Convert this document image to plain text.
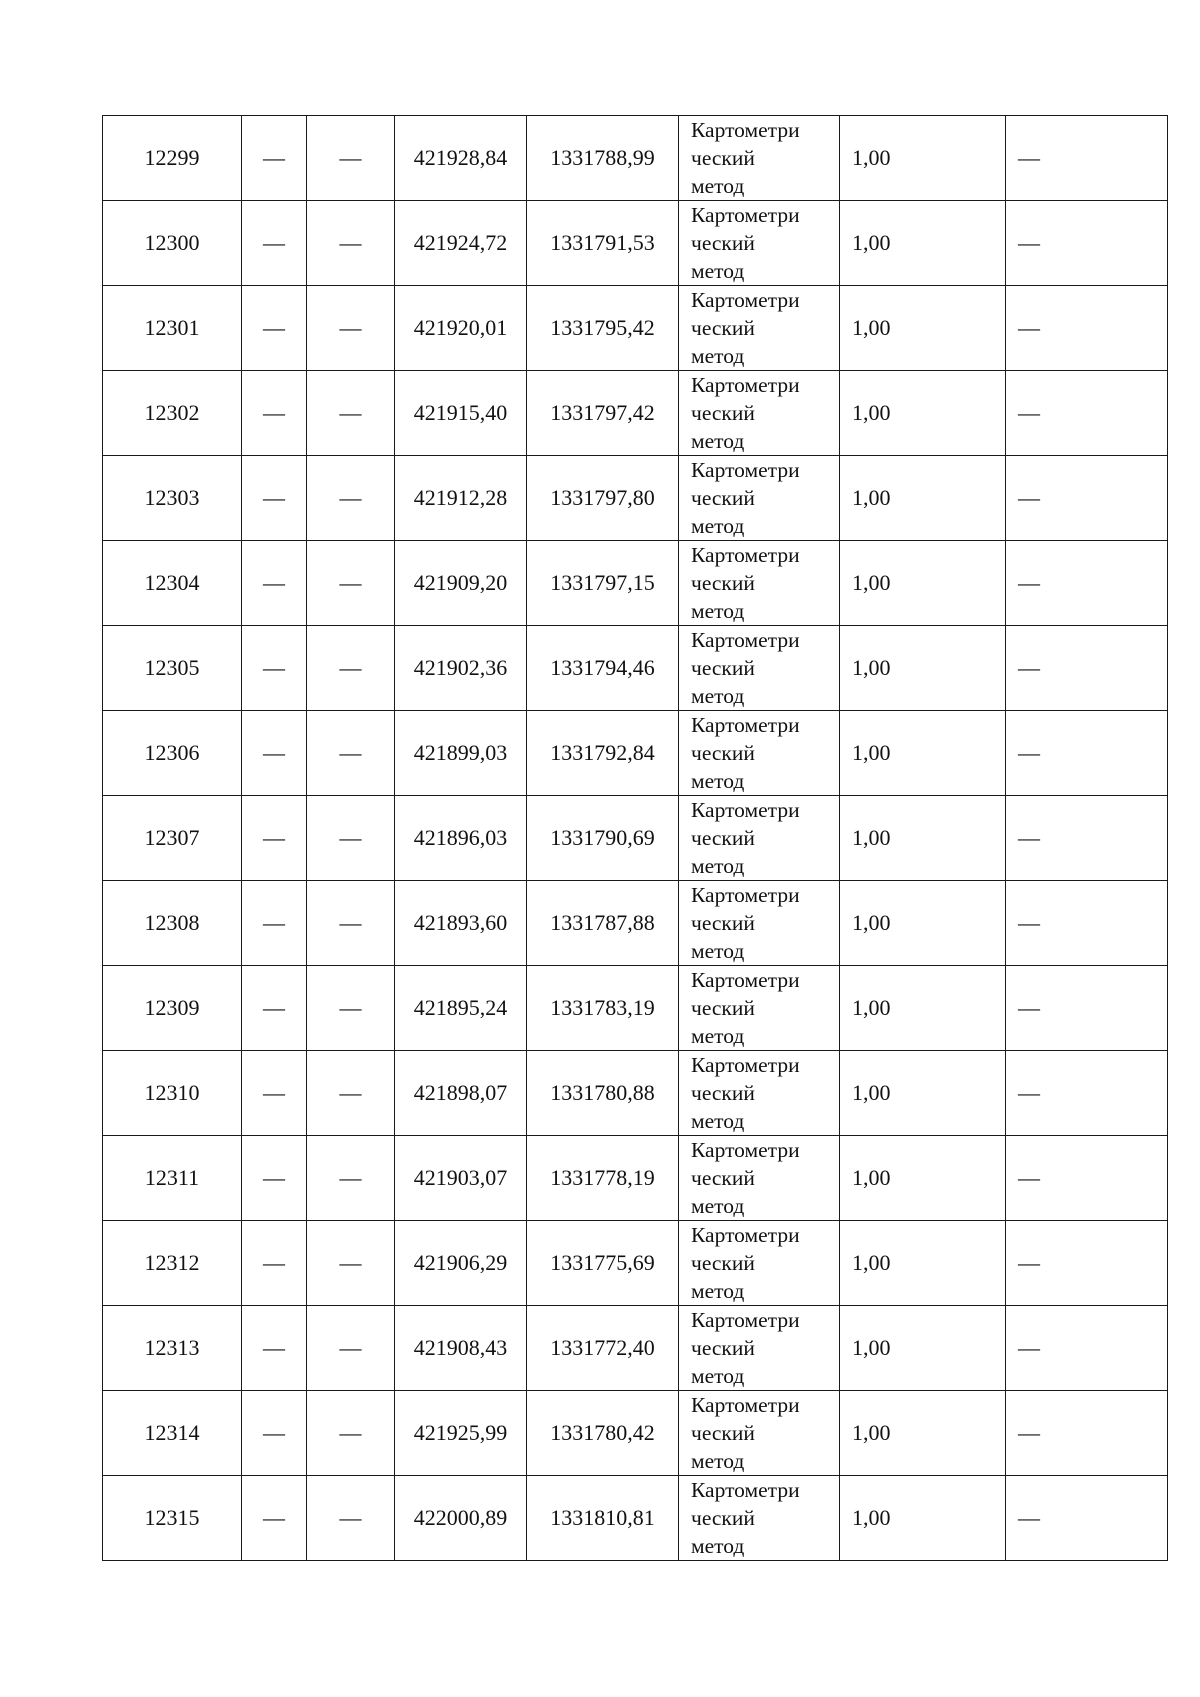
12299	—	—	421928,84	1331788,99	Картометри
ческий
метод	1,00	—
12300	—	—	421924,72	1331791,53	Картометри
ческий
метод	1,00	—
12301	—	—	421920,01	1331795,42	Картометри
ческий
метод	1,00	—
12302	—	—	421915,40	1331797,42	Картометри
ческий
метод	1,00	—
12303	—	—	421912,28	1331797,80	Картометри
ческий
метод	1,00	—
12304	—	—	421909,20	1331797,15	Картометри
ческий
метод	1,00	—
12305	—	—	421902,36	1331794,46	Картометри
ческий
метод	1,00	—
12306	—	—	421899,03	1331792,84	Картометри
ческий
метод	1,00	—
12307	—	—	421896,03	1331790,69	Картометри
ческий
метод	1,00	—
12308	—	—	421893,60	1331787,88	Картометри
ческий
метод	1,00	—
12309	—	—	421895,24	1331783,19	Картометри
ческий
метод	1,00	—
12310	—	—	421898,07	1331780,88	Картометри
ческий
метод	1,00	—
12311	—	—	421903,07	1331778,19	Картометри
ческий
метод	1,00	—
12312	—	—	421906,29	1331775,69	Картометри
ческий
метод	1,00	—
12313	—	—	421908,43	1331772,40	Картометри
ческий
метод	1,00	—
12314	—	—	421925,99	1331780,42	Картометри
ческий
метод	1,00	—
12315	—	—	422000,89	1331810,81	Картометри
ческий
метод	1,00	—
